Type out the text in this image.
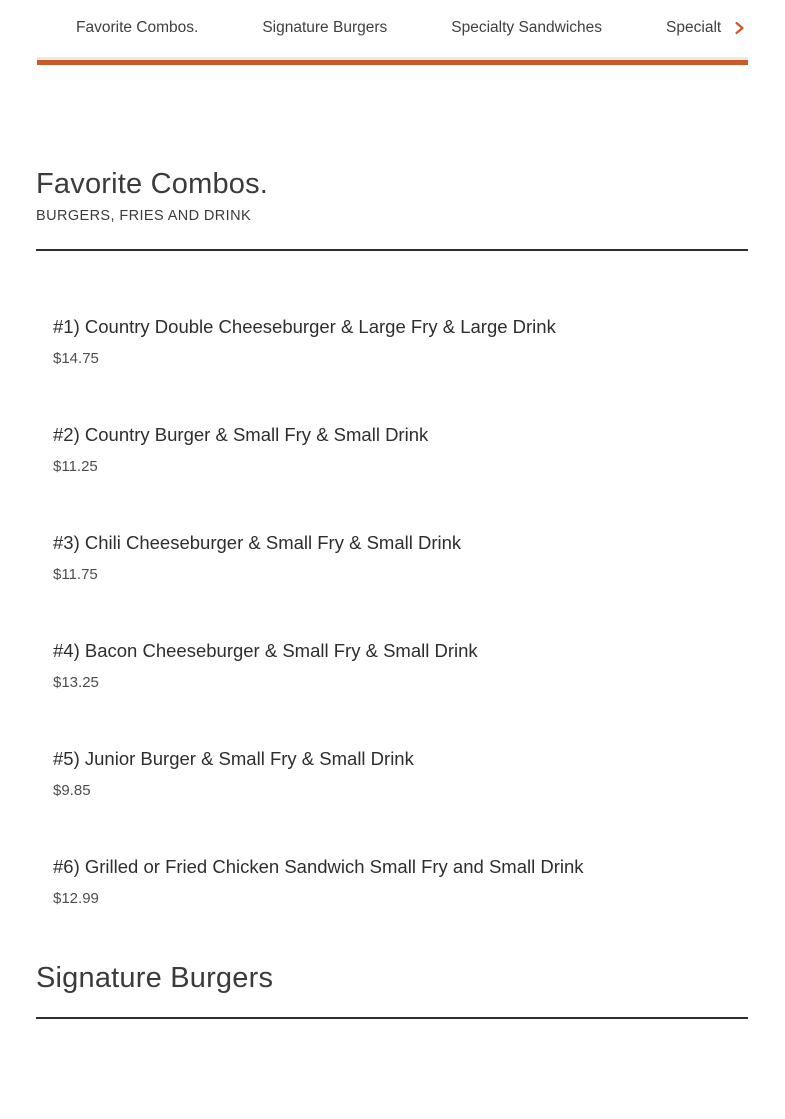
Favorite Combos.	Signature Burgers	Specialty Sandwiches	Specialt
Favorite Combos.
BURGERS, FRIES AND DRINK
#1) Country Double Cheeseburger & Large Fry & Large Drink
$14.75
#2) Country Burger & Small Fry & Small Drink
$11.25
#3) Chili Cheeseburger & Small Fry & Small Drink
$11.75
#4) Bacon Cheeseburger & Small Fry & Small Drink
$13.25
#5) Junior Burger & Small Fry & Small Drink
$9.85
#6) Grilled or Fried Chicken Sandwich Small Fry and Small Drink
$12.99
Signature Burgers
